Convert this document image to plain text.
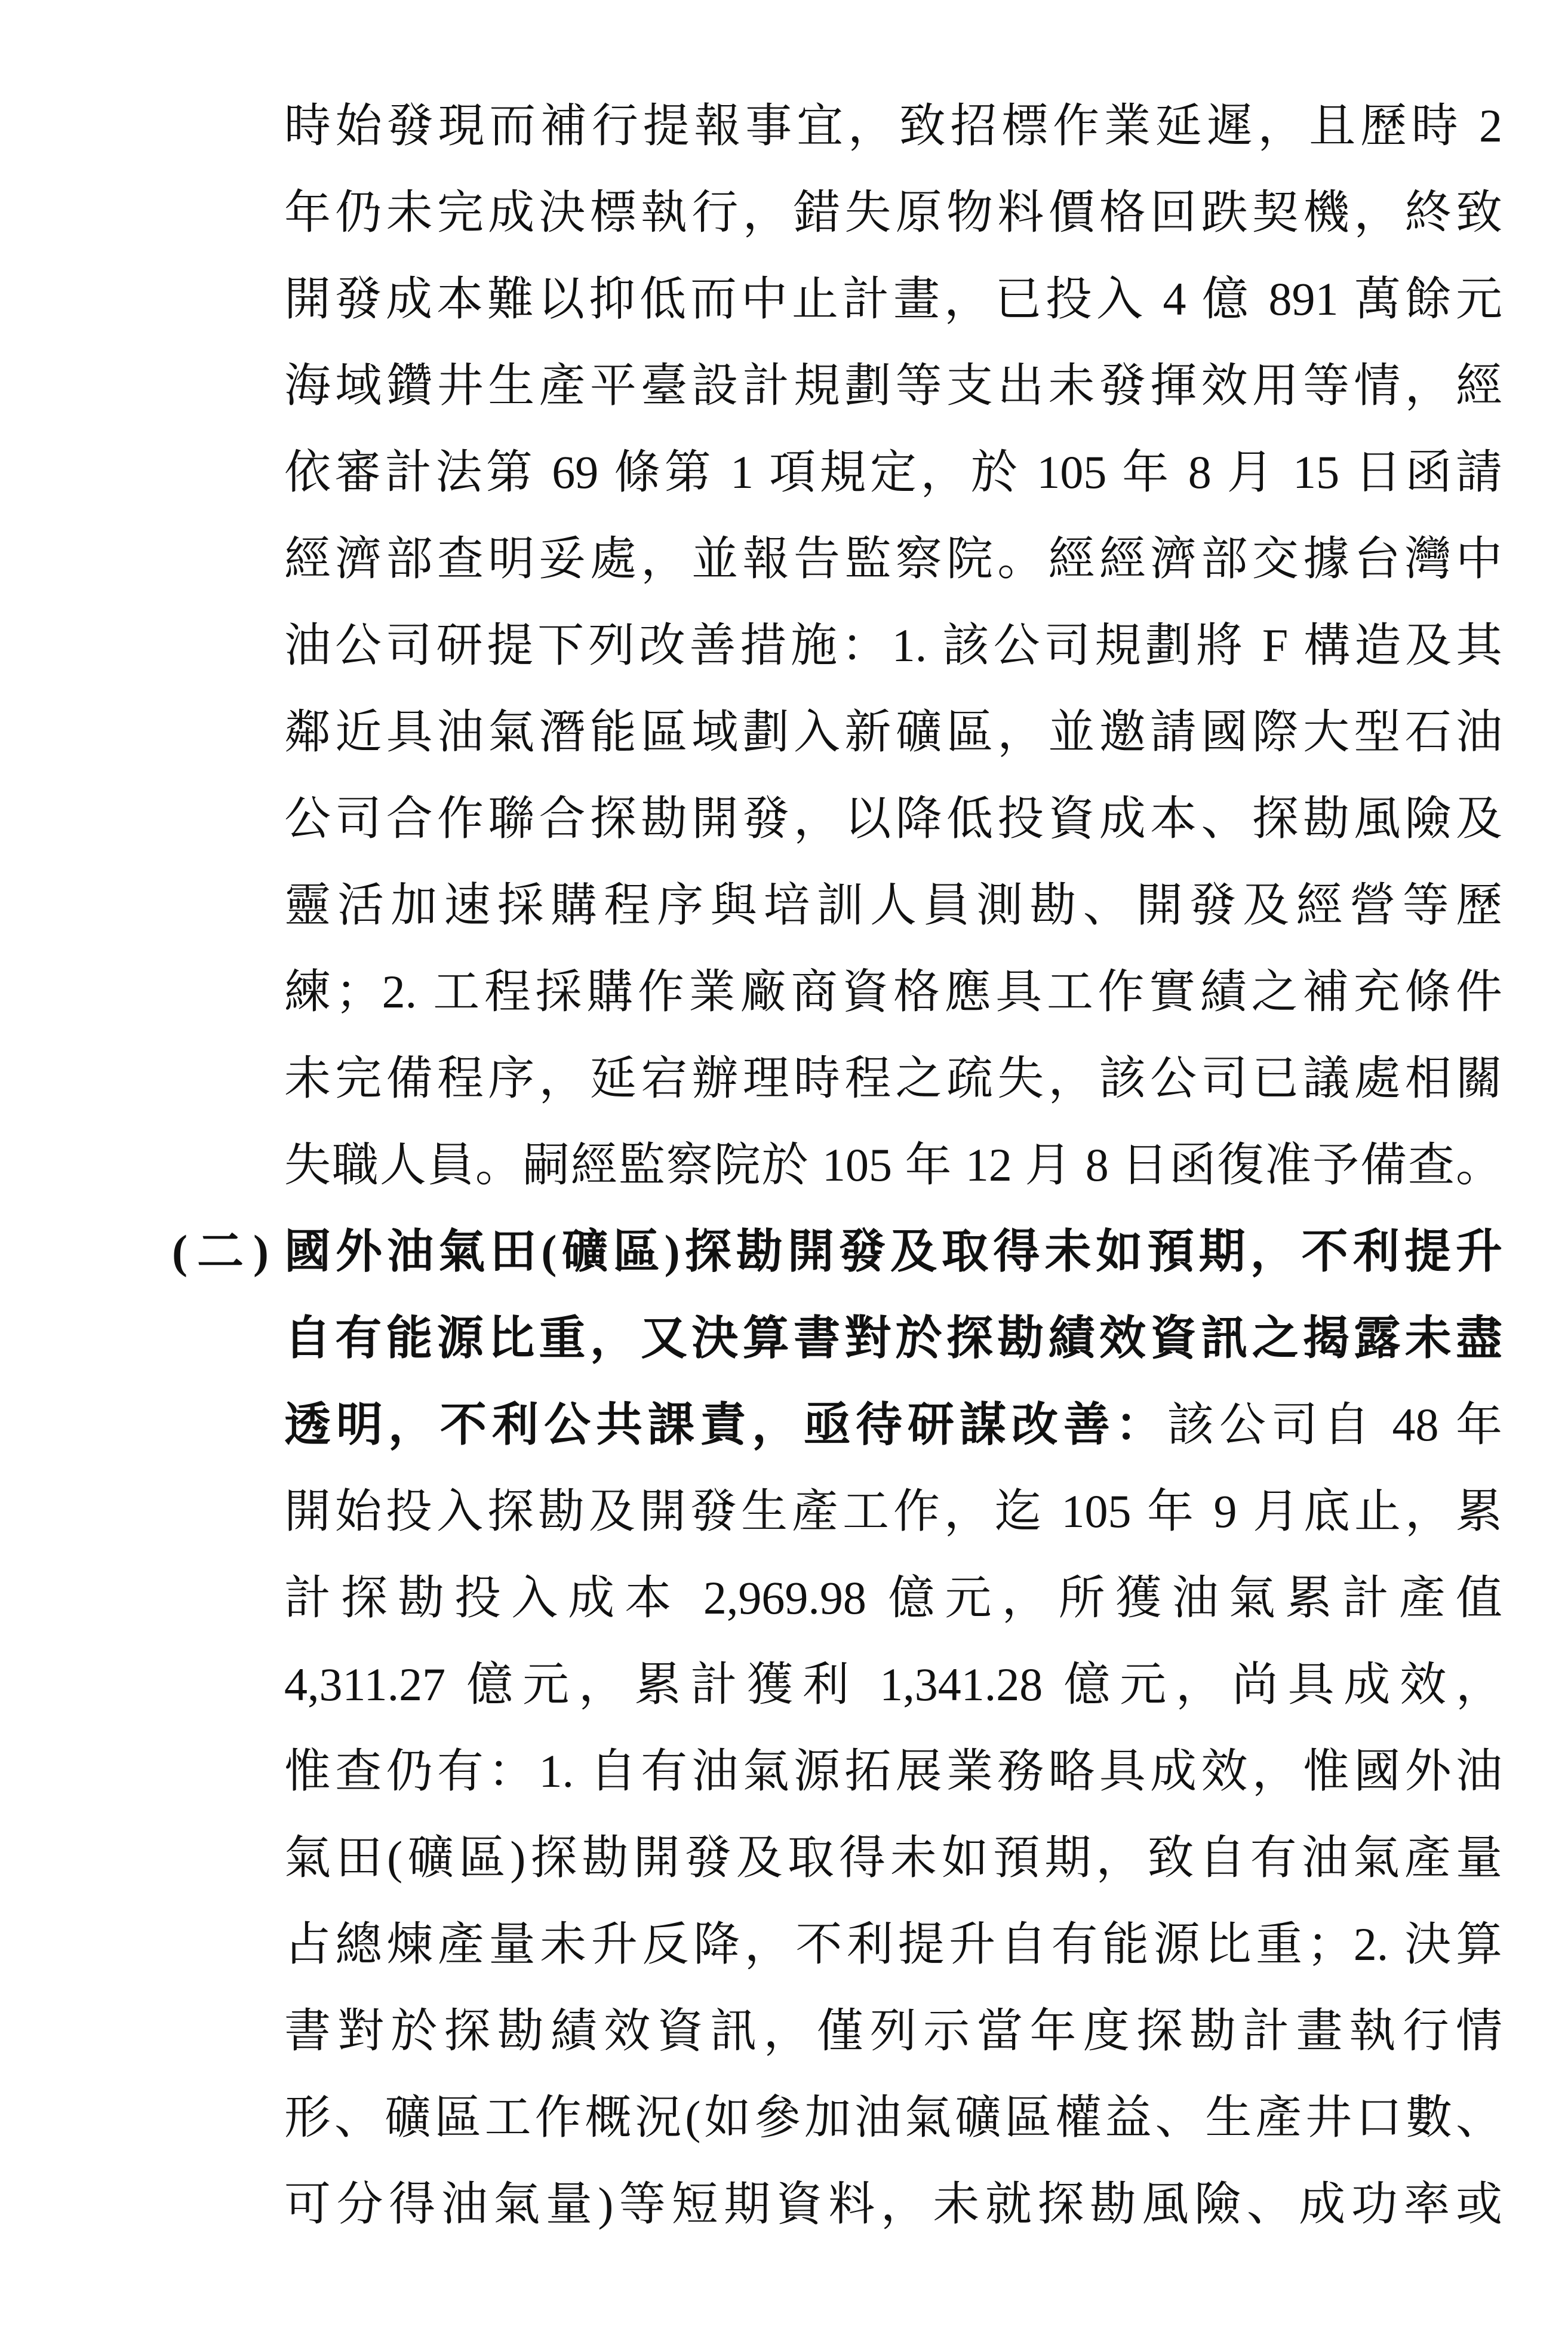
時始發現而補行提報事宜，致招標作業延遲，且歷時 2
年仍未完成決標執行，錯失原物料價格回跌契機，終致
開發成本難以抑低而中止計畫，已投入 4 億 891 萬餘元
海域鑽井生產平臺設計規劃等支出未發揮效用等情，經
依審計法第 69 條第 1 項規定，於 105 年 8 月 15 日函請
經濟部查明妥處，並報告監察院。經經濟部交據台灣中
油公司研提下列改善措施：1. 該公司規劃將 F 構造及其
鄰近具油氣潛能區域劃入新礦區，並邀請國際大型石油
公司合作聯合探勘開發，以降低投資成本、探勘風險及
靈活加速採購程序與培訓人員測勘、開發及經營等歷
練；2. 工程採購作業廠商資格應具工作實績之補充條件
未完備程序，延宕辦理時程之疏失，該公司已議處相關
失職人員。嗣經監察院於 105 年 12 月 8 日函復准予備查。
(二) 國外油氣田(礦區)探勘開發及取得未如預期，不利提升
自有能源比重，又決算書對於探勘績效資訊之揭露未盡
透明，不利公共課責，亟待研謀改善：該公司自 48 年
開始投入探勘及開發生產工作，迄 105 年 9 月底止，累
計探勘投入成本 2,969.98 億元，所獲油氣累計產值
4,311.27 億元，累計獲利 1,341.28 億元，尚具成效，
惟查仍有：1. 自有油氣源拓展業務略具成效，惟國外油
氣田(礦區)探勘開發及取得未如預期，致自有油氣產量
占總煉產量未升反降，不利提升自有能源比重；2. 決算
書對於探勘績效資訊，僅列示當年度探勘計畫執行情
形、礦區工作概況(如參加油氣礦區權益、生產井口數、
可分得油氣量)等短期資料，未就探勘風險、成功率或
